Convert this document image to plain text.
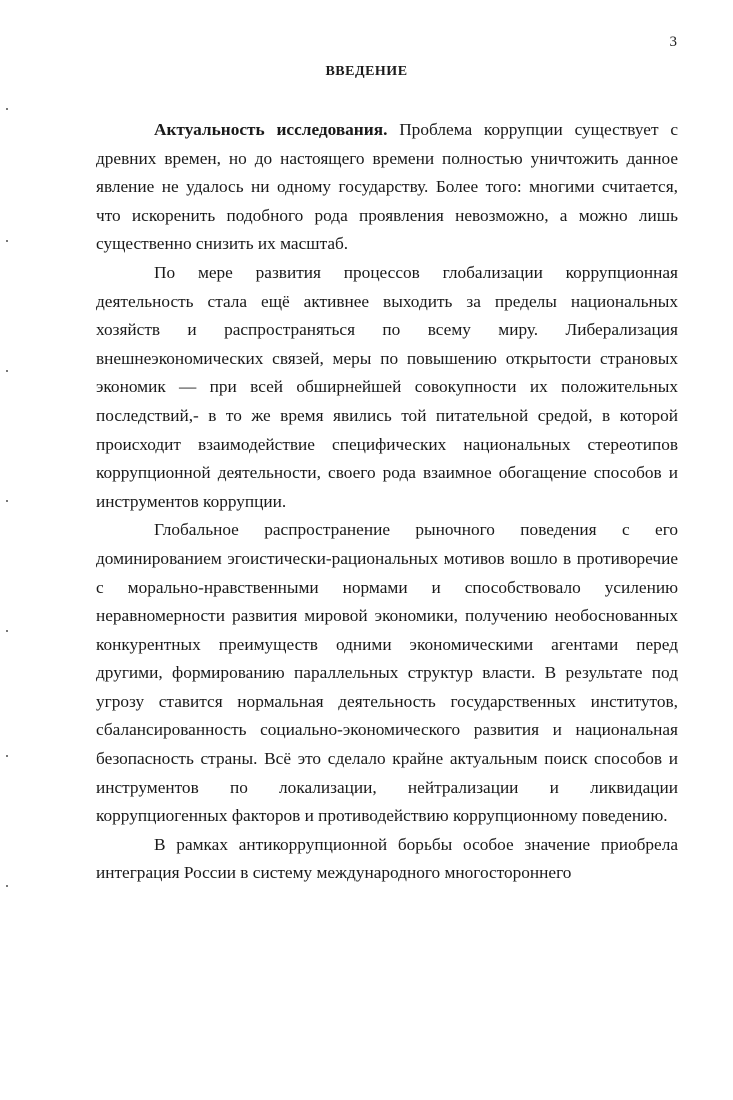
3
ВВЕДЕНИЕ

Актуальность исследования. Проблема коррупции существует с древних времен, но до настоящего времени полностью уничтожить данное явление не удалось ни одному государству. Более того: многими считается, что искоренить подобного рода проявления невозможно, а можно лишь существенно снизить их масштаб.

По мере развития процессов глобализации коррупционная деятельность стала ещё активнее выходить за пределы национальных хозяйств и распространяться по всему миру. Либерализация внешнеэкономических связей, меры по повышению открытости страновых экономик — при всей обширнейшей совокупности их положительных последствий,- в то же время явились той питательной средой, в которой происходит взаимодействие специфических национальных стереотипов коррупционной деятельности, своего рода взаимное обогащение способов и инструментов коррупции.

Глобальное распространение рыночного поведения с его доминированием эгоистически-рациональных мотивов вошло в противоречие с морально-нравственными нормами и способствовало усилению неравномерности развития мировой экономики, получению необоснованных конкурентных преимуществ одними экономическими агентами перед другими, формированию параллельных структур власти. В результате под угрозу ставится нормальная деятельность государственных институтов, сбалансированность социально-экономического развития и национальная безопасность страны. Всё это сделало крайне актуальным поиск способов и инструментов по локализации, нейтрализации и ликвидации коррупциогенных факторов и противодействию коррупционному поведению.

В рамках антикоррупционной борьбы особое значение приобрела интеграция России в систему международного многостороннего
